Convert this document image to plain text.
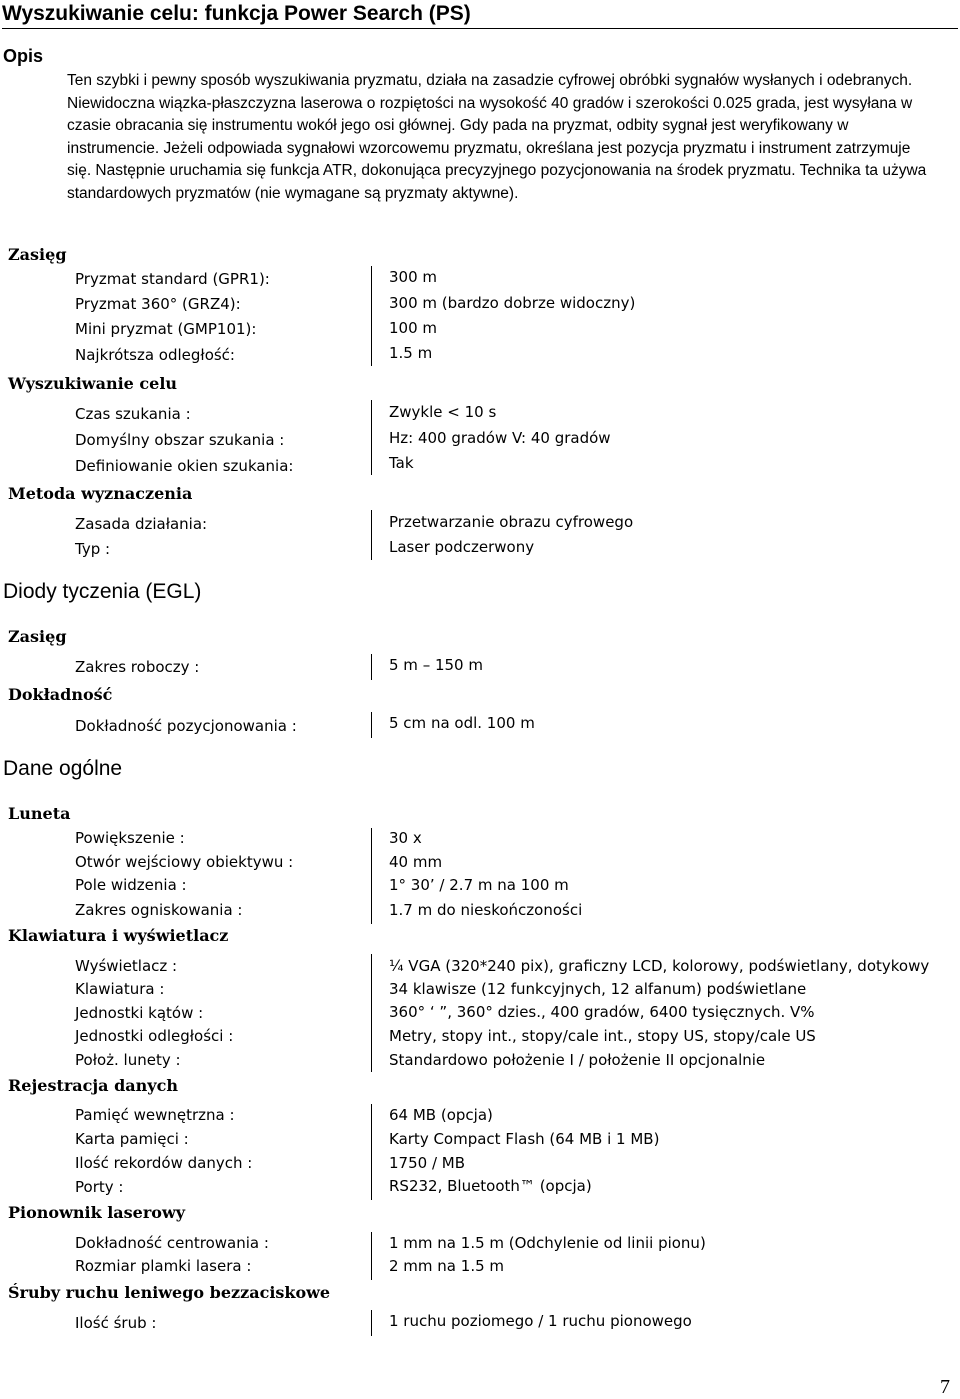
Wyszukiwanie celu: funkcja Power Search (PS)
Opis
Ten szybki i pewny sposób wyszukiwania pryzmatu, działa na zasadzie cyfrowej obróbki sygnałów wysłanych i odebranych. Niewidoczna wiązka-płaszczyzna laserowa o rozpiętości na wysokość 40 gradów i szerokości 0.025 grada, jest wysyłana w czasie obracania się instrumentu wokół jego osi głównej. Gdy pada na pryzmat, odbity sygnał jest weryfikowany w instrumencie. Jeżeli odpowiada sygnałowi wzorcowemu pryzmatu, określana jest pozycja pryzmatu i instrument zatrzymuje się. Następnie uruchamia się funkcja ATR, dokonująca precyzyjnego pozycjonowania na środek pryzmatu. Technika ta używa standardowych pryzmatów (nie wymagane są pryzmaty aktywne).
Zasięg
Pryzmat standard (GPR1):	300 m
Pryzmat 360° (GRZ4):	300 m (bardzo dobrze widoczny)
Mini pryzmat (GMP101):	100 m
Najkrótsza odległość:	1.5 m
Wyszukiwanie celu
Czas szukania :	Zwykle < 10 s
Domyślny obszar szukania :	Hz: 400 gradów V: 40 gradów
Definiowanie okien szukania:	Tak
Metoda wyznaczenia
Zasada działania:	Przetwarzanie obrazu cyfrowego
Typ :	Laser podczerwony
Diody tyczenia (EGL)
Zasięg
Zakres roboczy :	5 m – 150 m
Dokładność
Dokładność pozycjonowania :	5 cm na odl. 100 m
Dane ogólne
Luneta
Powiększenie :	30 x
Otwór wejściowy obiektywu :	40 mm
Pole widzenia :	1° 30’ / 2.7 m na 100 m
Zakres ogniskowania :	1.7 m do nieskończoności
Klawiatura i wyświetlacz
Wyświetlacz :	¼ VGA (320*240 pix), graficzny LCD, kolorowy, podświetlany, dotykowy
Klawiatura :	34 klawisze (12 funkcyjnych, 12 alfanum) podświetlane
Jednostki kątów :	360° ‘ ”, 360° dzies., 400 gradów, 6400 tysięcznych. V%
Jednostki odległości :	Metry, stopy int., stopy/cale int., stopy US, stopy/cale US
Położ. lunety :	Standardowo położenie I / położenie II opcjonalnie
Rejestracja danych
Pamięć wewnętrzna :	64 MB (opcja)
Karta pamięci :	Karty Compact Flash (64 MB i 1 MB)
Ilość rekordów danych :	1750 / MB
Porty :	RS232, Bluetooth™ (opcja)
Pionownik laserowy
Dokładność centrowania :	1 mm na 1.5 m (Odchylenie od linii pionu)
Rozmiar plamki lasera :	2 mm na 1.5 m
Śruby ruchu leniwego bezzaciskowe
Ilość śrub :	1 ruchu poziomego / 1 ruchu pionowego
7
